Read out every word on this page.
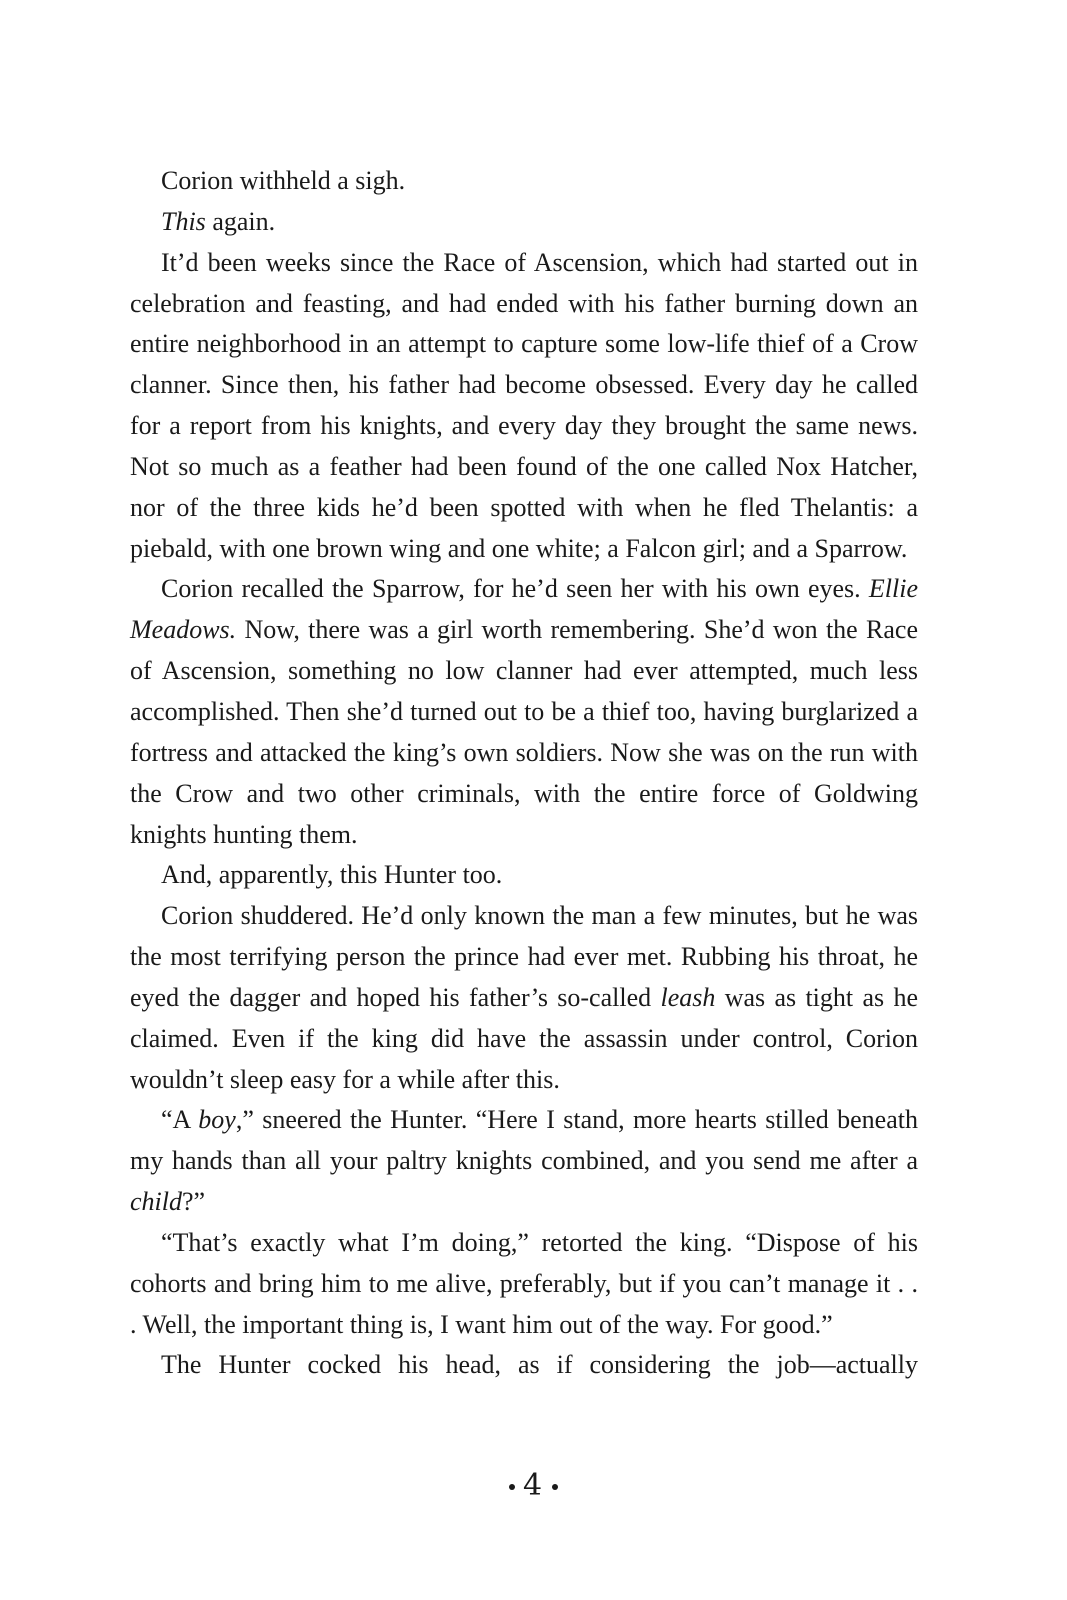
Corion withheld a sigh.

This again.

It’d been weeks since the Race of Ascension, which had started out in celebration and feasting, and had ended with his father burning down an entire neighborhood in an attempt to capture some low-life thief of a Crow clanner. Since then, his father had become obsessed. Every day he called for a report from his knights, and every day they brought the same news. Not so much as a feather had been found of the one called Nox Hatcher, nor of the three kids he’d been spotted with when he fled Thelantis: a piebald, with one brown wing and one white; a Falcon girl; and a Sparrow.

Corion recalled the Sparrow, for he’d seen her with his own eyes. Ellie Meadows. Now, there was a girl worth remembering. She’d won the Race of Ascension, something no low clanner had ever attempted, much less accomplished. Then she’d turned out to be a thief too, having burglarized a fortress and attacked the king’s own soldiers. Now she was on the run with the Crow and two other criminals, with the entire force of Goldwing knights hunting them.

And, apparently, this Hunter too.

Corion shuddered. He’d only known the man a few minutes, but he was the most terrifying person the prince had ever met. Rubbing his throat, he eyed the dagger and hoped his father’s so-called leash was as tight as he claimed. Even if the king did have the assassin under control, Corion wouldn’t sleep easy for a while after this.

“A boy,” sneered the Hunter. “Here I stand, more hearts stilled beneath my hands than all your paltry knights combined, and you send me after a child?”

“That’s exactly what I’m doing,” retorted the king. “Dispose of his cohorts and bring him to me alive, preferably, but if you can’t manage it . . . Well, the important thing is, I want him out of the way. For good.”

The Hunter cocked his head, as if considering the job—actually

4
